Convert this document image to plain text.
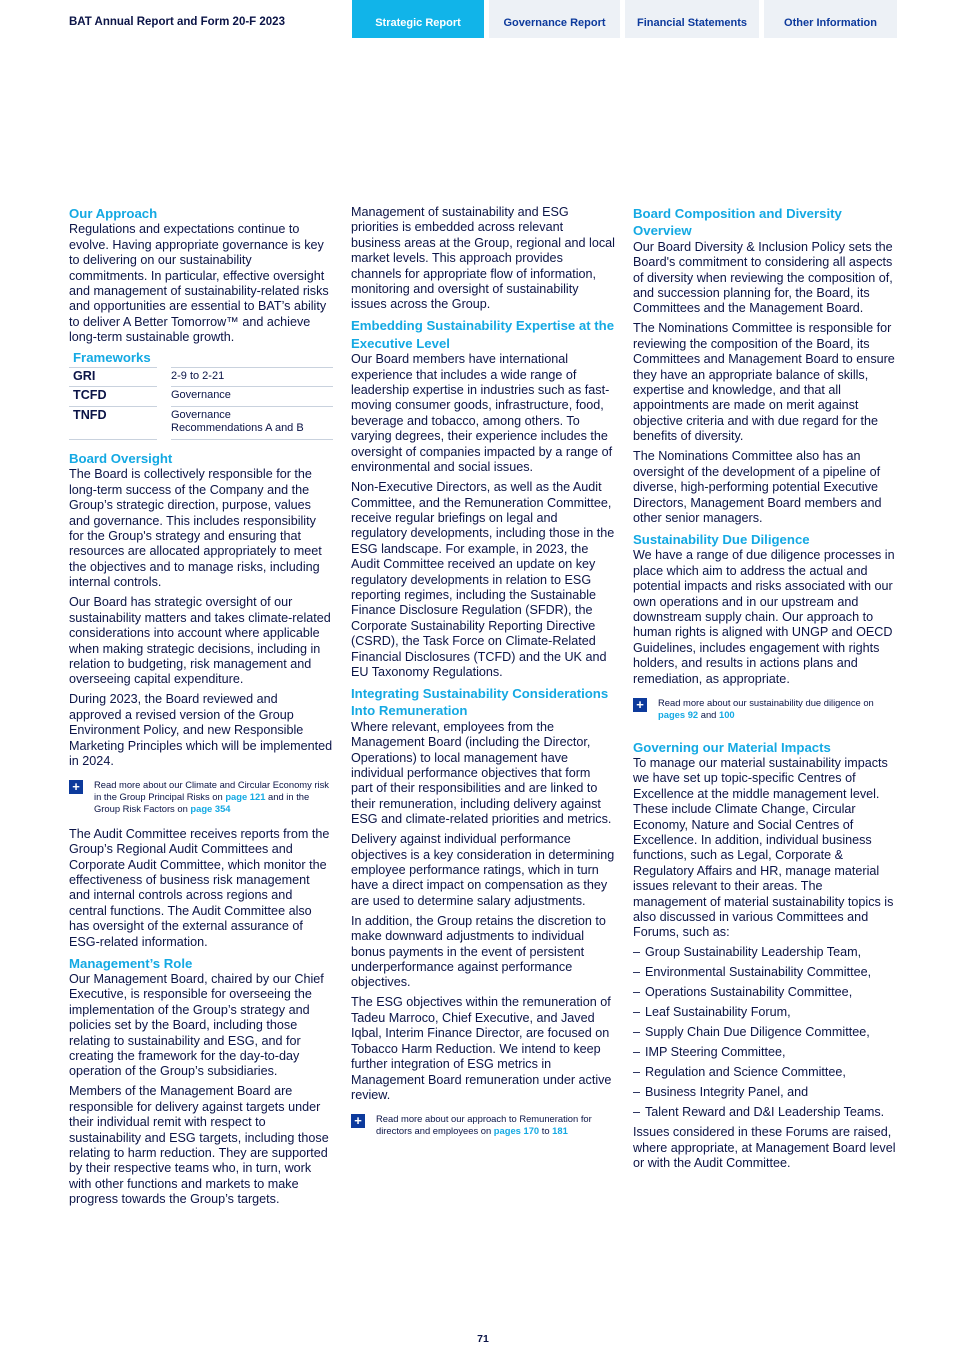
BAT Annual Report and Form 20-F 2023	Strategic Report	Governance Report	Financial Statements	Other Information
Our Approach

Regulations and expectations continue to evolve. Having appropriate governance is key to delivering on our sustainability commitments. In particular, effective oversight and management of sustainability-related risks and opportunities are essential to BAT’s ability to deliver A Better Tomorrow™ and achieve long-term sustainable growth.

Frameworks
GRI		2-9 to 2-21

TCFD		Governance

TNFD		Governance
Recommendations A and B
Board Oversight

The Board is collectively responsible for the long-term success of the Company and the Group’s strategic direction, purpose, values and governance. This includes responsibility for the Group's strategy and ensuring that resources are allocated appropriately to meet the objectives and to manage risks, including internal controls.

Our Board has strategic oversight of our sustainability matters and takes climate-related considerations into account where applicable when making strategic decisions, including in relation to budgeting, risk management and overseeing capital expenditure.

During 2023, the Board reviewed and approved a revised version of the Group Environment Policy, and new Responsible Marketing Principles which will be implemented in 2024.

+	Read more about our Climate and Circular Economy risk in the Group Principal Risks on page 121 and in the Group Risk Factors on page 354

The Audit Committee receives reports from the Group’s Regional Audit Committees and Corporate Audit Committee, which monitor the effectiveness of business risk management and internal controls across regions and central functions. The Audit Committee also has oversight of the external assurance of ESG-related information.

Management’s Role

Our Management Board, chaired by our Chief Executive, is responsible for overseeing the implementation of the Group’s strategy and policies set by the Board, including those relating to sustainability and ESG, and for creating the framework for the day-to-day operation of the Group’s subsidiaries.

Members of the Management Board are responsible for delivery against targets under their individual remit with respect to sustainability and ESG targets, including those relating to harm reduction. They are supported by their respective teams who, in turn, work with other functions and markets to make progress towards the Group’s targets.

Management of sustainability and ESG priorities is embedded across relevant business areas at the Group, regional and local market levels. This approach provides channels for appropriate flow of information, monitoring and oversight of sustainability issues across the Group.

Embedding Sustainability Expertise at the Executive Level

Our Board members have international experience that includes a wide range of leadership expertise in industries such as fast-moving consumer goods, infrastructure, food, beverage and tobacco, among others. To varying degrees, their experience includes the oversight of companies impacted by a range of environmental and social issues.

Non-Executive Directors, as well as the Audit Committee, and the Remuneration Committee, receive regular briefings on legal and regulatory developments, including those in the ESG landscape. For example, in 2023, the Audit Committee received an update on key regulatory developments in relation to ESG reporting regimes, including the Sustainable Finance Disclosure Regulation (SFDR), the Corporate Sustainability Reporting Directive (CSRD), the Task Force on Climate-Related Financial Disclosures (TCFD) and the UK and EU Taxonomy Regulations.

Integrating Sustainability Considerations Into Remuneration

Where relevant, employees from the Management Board (including the Director, Operations) to local management have individual performance objectives that form part of their responsibilities and are linked to their remuneration, including delivery against ESG and climate-related priorities and metrics.

Delivery against individual performance objectives is a key consideration in determining employee performance ratings, which in turn have a direct impact on compensation as they are used to determine salary adjustments.

In addition, the Group retains the discretion to make downward adjustments to individual bonus payments in the event of persistent underperformance against performance objectives.

The ESG objectives within the remuneration of Tadeu Marroco, Chief Executive, and Javed Iqbal, Interim Finance Director, are focused on Tobacco Harm Reduction. We intend to keep further integration of ESG metrics in Management Board remuneration under active review.

+	Read more about our approach to Remuneration for directors and employees on pages 170 to 181
Board Composition and Diversity Overview

Our Board Diversity & Inclusion Policy sets the Board's commitment to considering all aspects of diversity when reviewing the composition of, and succession planning for, the Board, its Committees and the Management Board.

The Nominations Committee is responsible for reviewing the composition of the Board, its Committees and Management Board to ensure they have an appropriate balance of skills, expertise and knowledge, and that all appointments are made on merit against objective criteria and with due regard for the benefits of diversity.

The Nominations Committee also has an oversight of the development of a pipeline of diverse, high-performing potential Executive Directors, Management Board members and other senior managers.

Sustainability Due Diligence

We have a range of due diligence processes in place which aim to address the actual and potential impacts and risks associated with our own operations and in our upstream and downstream supply chain. Our approach to human rights is aligned with UNGP and OECD Guidelines, includes engagement with rights holders, and results in actions plans and remediation, as appropriate.

+	Read more about our sustainability due diligence on pages 92 and 100
Governing our Material Impacts

To manage our material sustainability impacts we have set up topic-specific Centres of Excellence at the middle management level. These include Climate Change, Circular Economy, Nature and Social Centres of Excellence. In addition, individual business functions, such as Legal, Corporate & Regulatory Affairs and HR, manage material issues relevant to their areas. The management of material sustainability topics is also discussed in various Committees and Forums, such as:

– Group Sustainability Leadership Team,
– Environmental Sustainability Committee,
– Operations Sustainability Committee,
– Leaf Sustainability Forum,
– Supply Chain Due Diligence Committee,
– IMP Steering Committee,
– Regulation and Science Committee,
– Business Integrity Panel, and
– Talent Reward and D&I Leadership Teams.

Issues considered in these Forums are raised, where appropriate, at Management Board level or with the Audit Committee.

71
